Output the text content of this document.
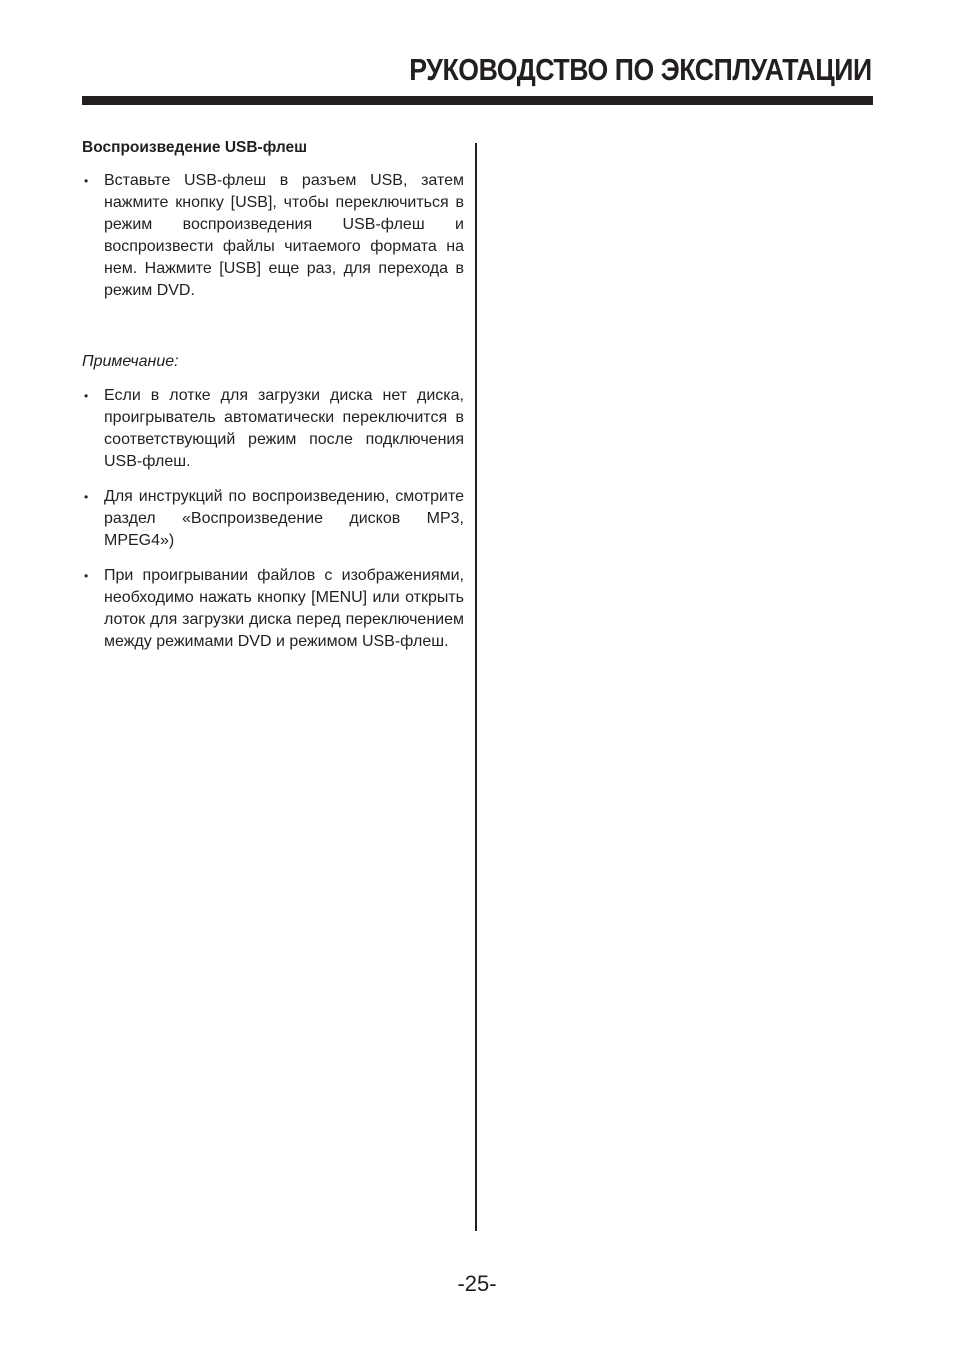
РУКОВОДСТВО ПО ЭКСПЛУАТАЦИИ
Воспроизведение USB-флеш
• Вставьте USB-флеш в разъем USB, затем нажмите кнопку [USB], чтобы переключиться в режим воспроизведения USB-флеш и воспроизвести файлы читаемого формата на нем. Нажмите [USB] еще раз, для перехода в режим DVD.
Примечание:
• Если в лотке для загрузки диска нет диска, проигрыватель автоматически переключится в соответствующий режим после подключения USB-флеш.
• Для инструкций по воспроизведению, смотрите раздел «Воспроизведение дисков MP3, MPEG4»)
• При проигрывании файлов с изображениями, необходимо нажать кнопку [MENU] или открыть лоток для загрузки диска перед переключением между режимами DVD и режимом USB-флеш.
-25-
